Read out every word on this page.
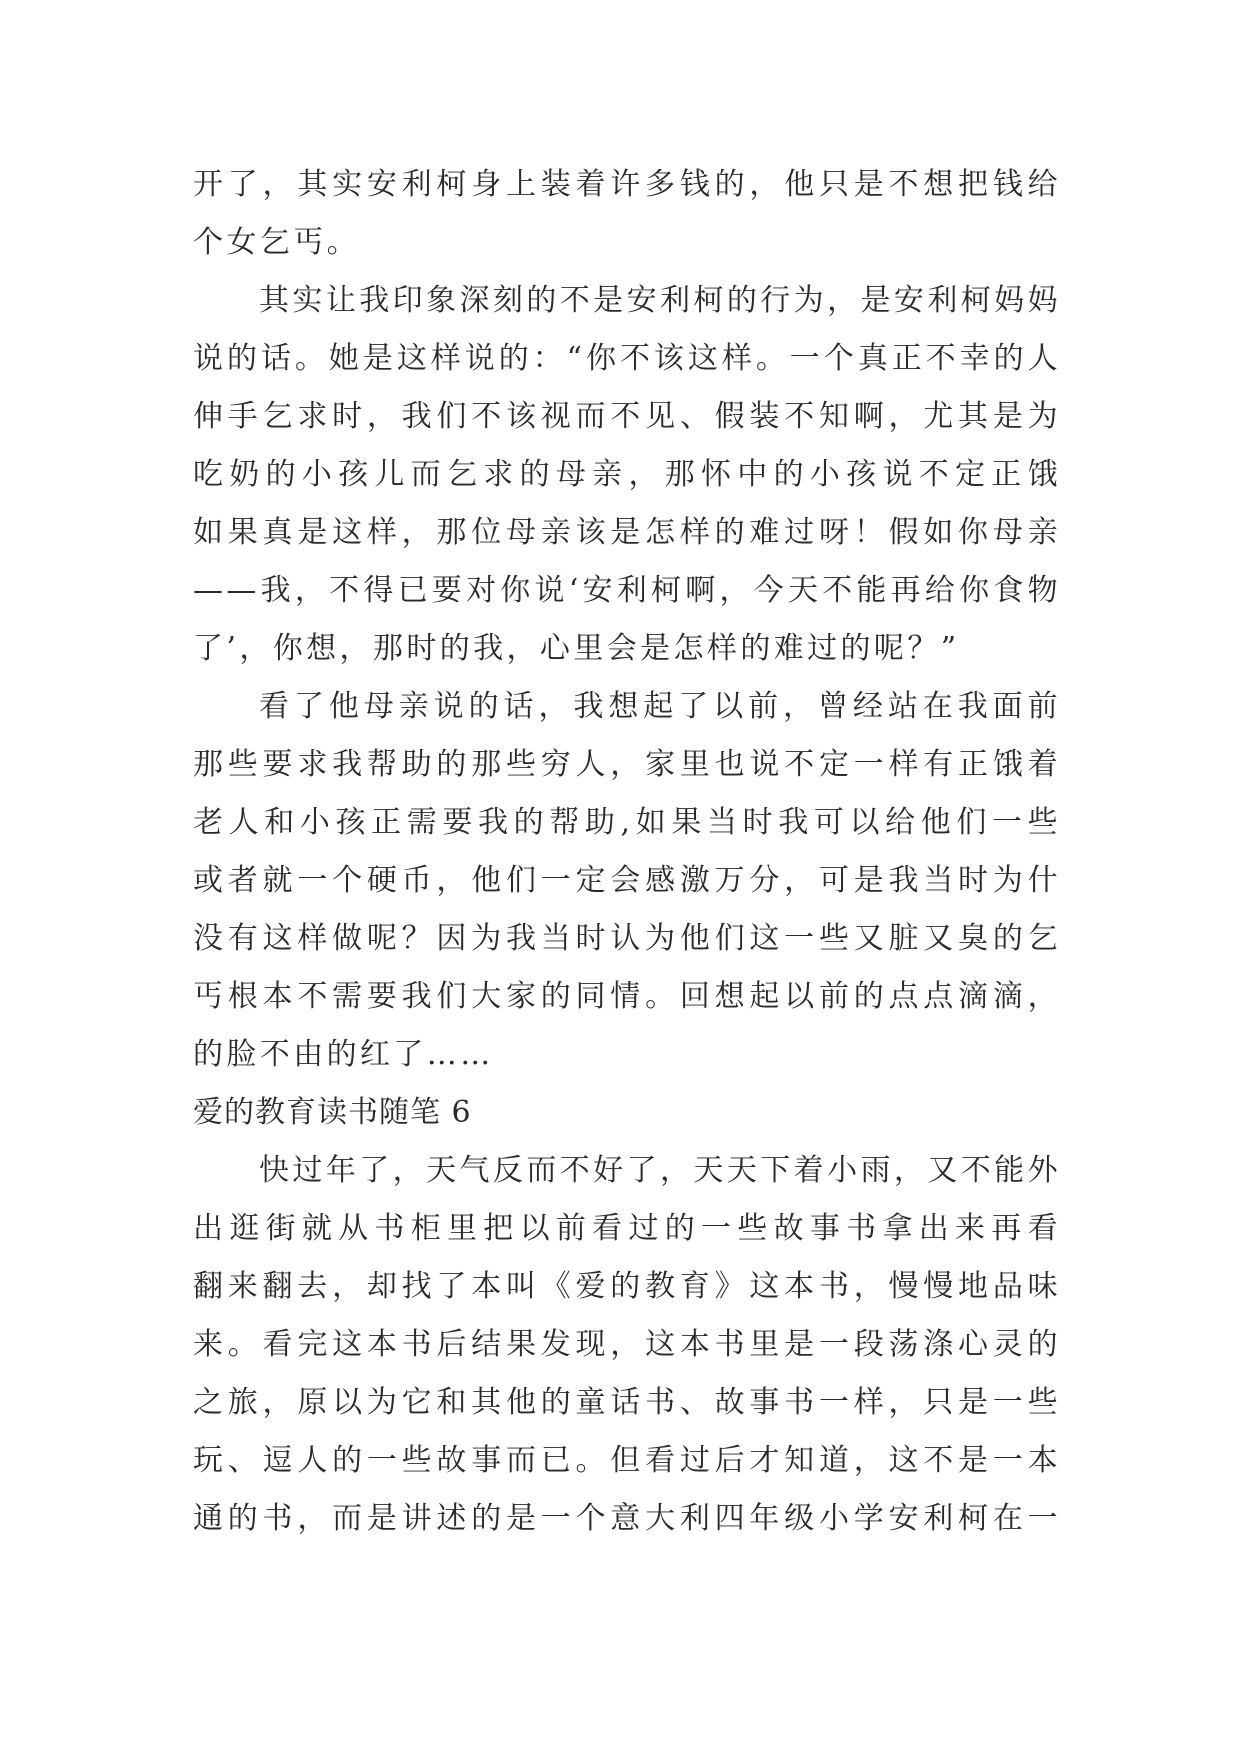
开了，其实安利柯身上装着许多钱的，他只是不想把钱给
个女乞丐。
其实让我印象深刻的不是安利柯的行为，是安利柯妈妈
说的话。她是这样说的：“你不该这样。一个真正不幸的人
伸手乞求时，我们不该视而不见、假装不知啊，尤其是为
吃奶的小孩儿而乞求的母亲，那怀中的小孩说不定正饿
如果真是这样，那位母亲该是怎样的难过呀！假如你母亲
——我，不得已要对你说‘安利柯啊，今天不能再给你食物
了’，你想，那时的我，心里会是怎样的难过的呢？”
看了他母亲说的话，我想起了以前，曾经站在我面前
那些要求我帮助的那些穷人，家里也说不定一样有正饿着
老人和小孩正需要我的帮助,如果当时我可以给他们一些
或者就一个硬币，他们一定会感激万分，可是我当时为什
没有这样做呢？因为我当时认为他们这一些又脏又臭的乞
丐根本不需要我们大家的同情。回想起以前的点点滴滴，
的脸不由的红了……
爱的教育读书随笔 6
快过年了，天气反而不好了，天天下着小雨，又不能外
出逛街就从书柜里把以前看过的一些故事书拿出来再看
翻来翻去，却找了本叫《爱的教育》这本书，慢慢地品味
来。看完这本书后结果发现，这本书里是一段荡涤心灵的
之旅，原以为它和其他的童话书、故事书一样，只是一些
玩、逗人的一些故事而已。但看过后才知道，这不是一本
通的书，而是讲述的是一个意大利四年级小学安利柯在一
